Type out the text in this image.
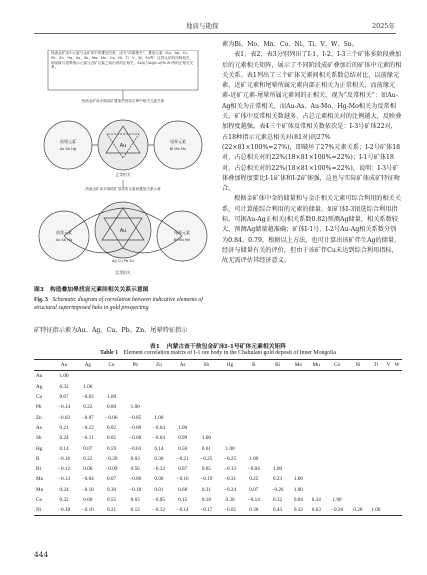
地质与勘探	2025年
热液金矿床中元素与金矿床中的叠加关系，成为“同源相关”，叠加元素（Au、Ag、Cu、Pb、Zn、Hg、As、Sb、Mo、Mn、Co、Ni、Ti、V、W、Sn等）这样认识的同源相关，即前缘与尾晕指示元素与近矿元素之间出现的正相关，As(I)与Ag(Cu)Pb Zn等的正相关关系。
热液金矿床多期成矿叠加后的原生晕中相关元素关系
前缘元素
As Sb Hg	Au
尾晕元素
Bi Mo Mn
正常相关
热液金矿床多期成矿形成的元素间叠加关系示意
前缘元素
As Sb Hg
Au
Ag Cu Pb Zn
尾晕元素
Bi Mo Mn
反常相关
图3 构造叠加晕找盲元素间相关关系示意图
Fig. 3 Schematic diagram of correlation between indicative elements of structural superimposed halo in gold prospecting
矿特征指示素为Au、Ag、Cu、Pb、Zn，尾晕特征指示

素为Bi、Mo、Mn、Co、Ni、Ti、V、W、Sn。

表1、表2、表3分别列出了I-1、I-2、I-3三个矿体多阶段叠加后的元素相关矩阵，展示了不同阶段成矿叠加后的矿体中元素的相关关系。表1列出了三个矿体元素间相关系数总结对比，以前缘元素、近矿元素和尾晕所属元素内部正相关为正常相关，而前缘元素-近矿元素-尾晕所属元素间的正相关，视为“反常相关”：如Au-Ag相关为正常相关，而Au-As、Au-Mo、Hg-Mo相关为反常相关，矿体中反常相关数越多，占总元素相关对的比例越大，反映叠加程度越强。表4三个矿体反常相关数依次是：I-3号矿体22对，占18种指示元素总相关对(81对)的27%(22×81×100%=27%)，即破坏了27%元素关系；I-2号矿体18对，占总相关对的22%(18×81×100%=22%)；I-1号矿体18对，占总相关对的22%(18×81×100%=22%)，说明：I-3号矿体叠加程度要比I-1矿体和I-2矿体强，这也与实际矿体成矿特征吻合。

根据金矿体中金的储量和与金正相关元素可综合利用的相关关系，可计算能综合利用的元素的储量。如矿体I-3银选综合利用指标，可据Au-Ag正相关(相关系数0.82)预测Ag储量，相关系数较大，预测Ag储量越准确；矿体I-1号、I-2号Au-Ag相关系数分别为0.84、0.79，根据以上方法，也可计算出该矿伴生Ag的储量。经济与储量有关的评价，但由于该矿伴Cu未达到综合利用指标，故无需评估其经济意义。

表1 内蒙古查干敖包金矿床I-1号矿体元素相关矩阵
Table 1 Element correlation matrix of I-1 ore body in the Chahulani gold deposit of Inner Mongolia
	Au	Ag	Cu	Pb	Zn	As	Sb	Hg	B	Bi	Mo	Mn	Co	Ni	Ti	V	W
Au	1.00																
Ag	0.32	1.00															
Cu	0.67	−0.03	1.00														
Pb	−0.14	0.22	0.00	1.00													
Zn	−0.03	−0.07	−0.06	−0.05	1.00												
As	0.21	−0.12	0.02	−0.08	−0.04	1.00											
Sb	0.24	−0.11	0.05	−0.08	−0.04	0.99	1.00										
Hg	0.14	0.07	0.59	−0.03	0.14	0.56	0.61	1.00									
B	−0.16	0.22	−0.20	0.03	0.30	−0.21	−0.25	−0.25	1.00								
Bi	−0.12	0.00	−0.09	0.56	−0.12	0.07	0.05	−0.13	−0.04	1.00							
Mo	−0.13	−0.04	0.07	−0.06	0.00	−0.16	−0.19	−0.31	0.25	0.23	1.00						
Mn	0.24	−0.18	0.30	−0.18	0.01	0.68	0.31	−0.24	0.07	−0.26	1.00						
Co	0.32	0.00	0.55	0.03	−0.05	0.15	0.18	0.36	−0.14	0.32	0.04	0.34	1.00				
Ni	−0.18	−0.10	0.21	0.12	−0.12	−0.14	−0.17	−0.05	0.30	0.43	0.32	0.63	−0.26	0.28	1.00		
444
